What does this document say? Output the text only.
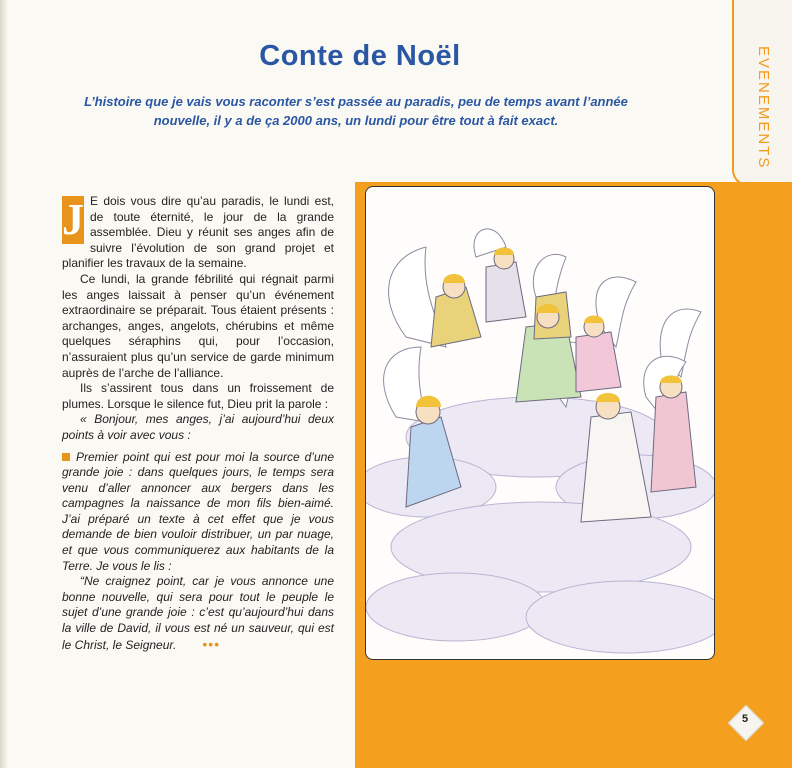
EVENEMENTS
Conte de Noël
L’histoire que je vais vous raconter s’est passée au paradis, peu de temps avant l’année nouvelle, il y a de ça 2000 ans, un lundi pour être tout à fait exact.

J E dois vous dire qu’au paradis, le lundi est, de toute éternité, le jour de la grande assemblée. Dieu y réunit ses anges afin de suivre l’évolution de son grand projet et planifier les travaux de la semaine.

Ce lundi, la grande fébrilité qui régnait parmi les anges laissait à penser qu’un événement extraordinaire se préparait. Tous étaient présents : archanges, anges, angelots, chérubins et même quelques séraphins qui, pour l’occasion, n’assuraient plus qu’un service de garde minimum auprès de l’arche de l’alliance.

Ils s’assirent tous dans un froissement de plumes. Lorsque le silence fut, Dieu prit la parole :

« Bonjour, mes anges, j’ai aujourd’hui deux points à voir avec vous :

Premier point qui est pour moi la source d’une grande joie : dans quelques jours, le temps sera venu d’aller annoncer aux bergers dans les campagnes la naissance de mon fils bien-aimé. J’ai préparé un texte à cet effet que je vous demande de bien vouloir distribuer, un par nuage, et que vous communiquerez aux habitants de la Terre. Je vous le lis :

“Ne craignez point, car je vous annonce une bonne nouvelle, qui sera pour tout le peuple le sujet d’une grande joie : c’est qu’aujourd’hui dans la ville de David, il vous est né un sauveur, qui est le Christ, le Seigneur. •••

5
